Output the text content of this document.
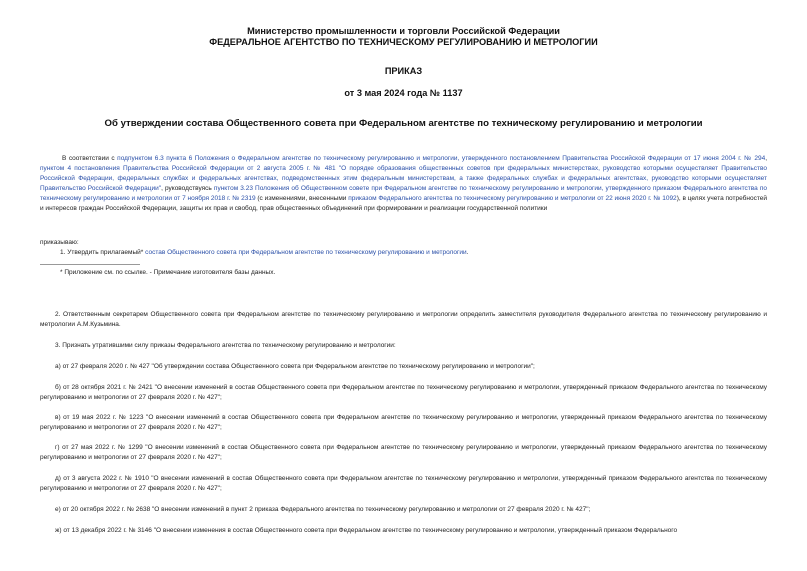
Министерство промышленности и торговли Российской Федерации
ФЕДЕРАЛЬНОЕ АГЕНТСТВО ПО ТЕХНИЧЕСКОМУ РЕГУЛИРОВАНИЮ И МЕТРОЛОГИИ
ПРИКАЗ
от 3 мая 2024 года № 1137
Об утверждении состава Общественного совета при Федеральном агентстве по техническому регулированию и метрологии
В соответствии с подпунктом 6.3 пункта 6 Положения о Федеральном агентстве по техническому регулированию и метрологии, утвержденного постановлением Правительства Российской Федерации от 17 июня 2004 г. № 294, пунктом 4 постановления Правительства Российской Федерации от 2 августа 2005 г. № 481 "О порядке образования общественных советов при федеральных министерствах, руководство которыми осуществляет Правительство Российской Федерации, федеральных службах и федеральных агентствах, подведомственных этим федеральным министерствам, а также федеральных службах и федеральных агентствах, руководство которыми осуществляет Правительство Российской Федерации", руководствуясь пунктом 3.23 Положения об Общественном совете при Федеральном агентстве по техническому регулированию и метрологии, утвержденного приказом Федерального агентства по техническому регулированию и метрологии от 7 ноября 2018 г. № 2319 (с изменениями, внесенными приказом Федерального агентства по техническому регулированию и метрологии от 22 июня 2020 г. № 1092), в целях учета потребностей и интересов граждан Российской Федерации, защиты их прав и свобод, прав общественных объединений при формировании и реализации государственной политики
приказываю:
1. Утвердить прилагаемый* состав Общественного совета при Федеральном агентстве по техническому регулированию и метрологии.
* Приложение см. по ссылке. - Примечание изготовителя базы данных.
2. Ответственным секретарем Общественного совета при Федеральном агентстве по техническому регулированию и метрологии определить заместителя руководителя Федерального агентства по техническому регулированию и метрологии А.М.Кузьмина.
3. Признать утратившими силу приказы Федерального агентства по техническому регулированию и метрологии:
а) от 27 февраля 2020 г. № 427 "Об утверждении состава Общественного совета при Федеральном агентстве по техническому регулированию и метрологии";
б) от 28 октября 2021 г. № 2421 "О внесении изменений в состав Общественного совета при Федеральном агентстве по техническому регулированию и метрологии, утвержденный приказом Федерального агентства по техническому регулированию и метрологии от 27 февраля 2020 г. № 427";
в) от 19 мая 2022 г. № 1223 "О внесении изменений в состав Общественного совета при Федеральном агентстве по техническому регулированию и метрологии, утвержденный приказом Федерального агентства по техническому регулированию и метрологии от 27 февраля 2020 г. № 427";
г) от 27 мая 2022 г. № 1299 "О внесении изменений в состав Общественного совета при Федеральном агентстве по техническому регулированию и метрологии, утвержденный приказом Федерального агентства по техническому регулированию и метрологии от 27 февраля 2020 г. № 427";
д) от 3 августа 2022 г. № 1910 "О внесении изменений в состав Общественного совета при Федеральном агентстве по техническому регулированию и метрологии, утвержденный приказом Федерального агентства по техническому регулированию и метрологии от 27 февраля 2020 г. № 427";
е) от 20 октября 2022 г. № 2638 "О внесении изменений в пункт 2 приказа Федерального агентства по техническому регулированию и метрологии от 27 февраля 2020 г. № 427";
ж) от 13 декабря 2022 г. № 3146 "О внесении изменения в состав Общественного совета при Федеральном агентстве по техническому регулированию и метрологии, утвержденный приказом Федерального
